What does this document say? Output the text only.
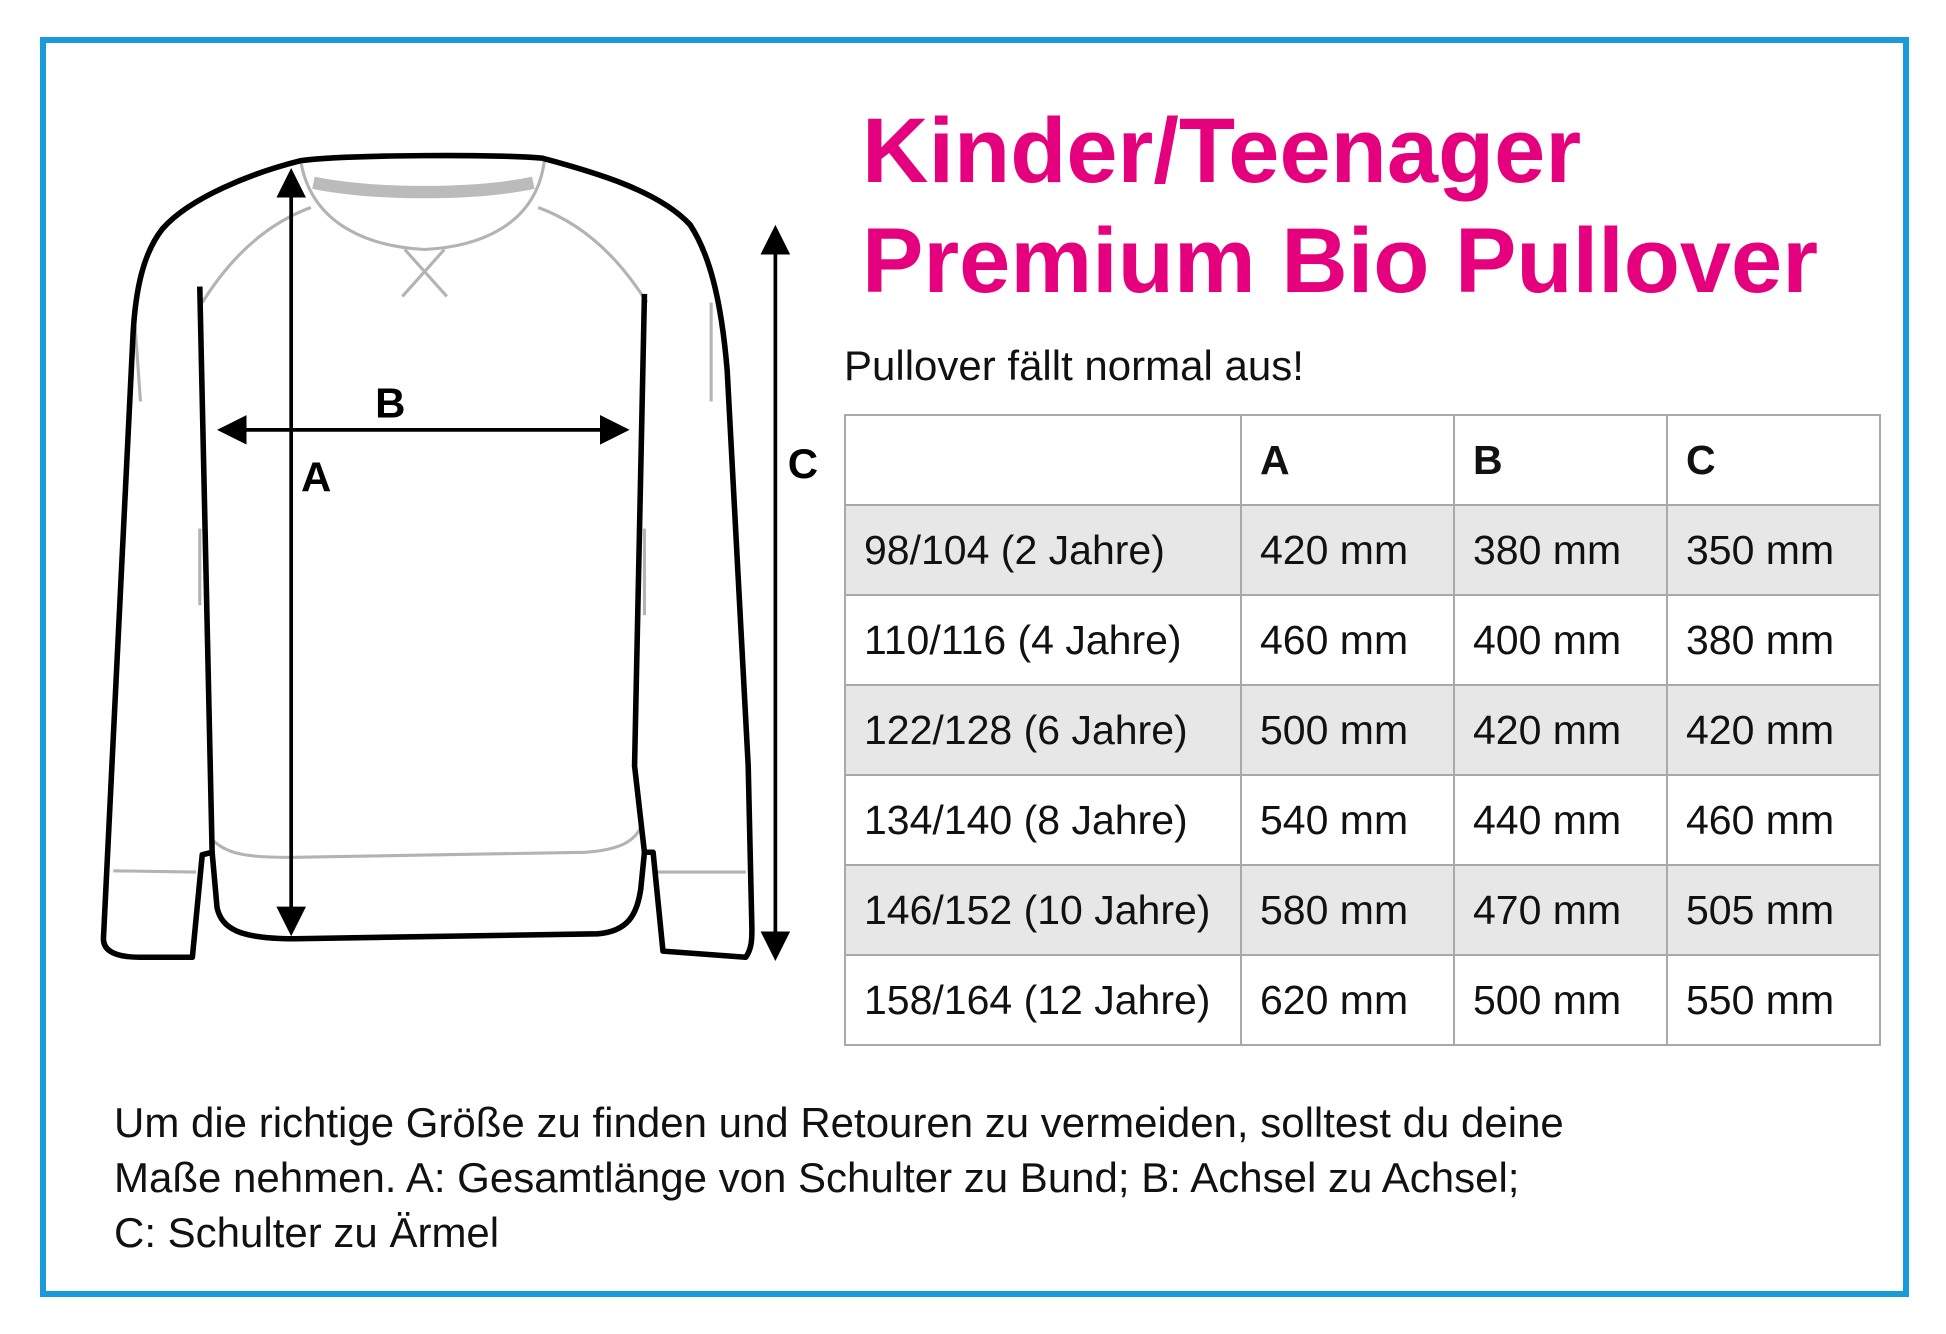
B
A	C
Kinder/Teenager
Premium Bio Pullover
Pullover fällt normal aus!
	A	B	C
98/104 (2 Jahre)	420 mm	380 mm	350 mm
110/116 (4 Jahre)	460 mm	400 mm	380 mm
122/128 (6 Jahre)	500 mm	420 mm	420 mm
134/140 (8 Jahre)	540 mm	440 mm	460 mm
146/152 (10 Jahre)	580 mm	470 mm	505 mm
158/164 (12 Jahre)	620 mm	500 mm	550 mm
Um die richtige Größe zu finden und Retouren zu vermeiden, solltest du deine
Maße nehmen. A: Gesamtlänge von Schulter zu Bund; B: Achsel zu Achsel;
C: Schulter zu Ärmel
